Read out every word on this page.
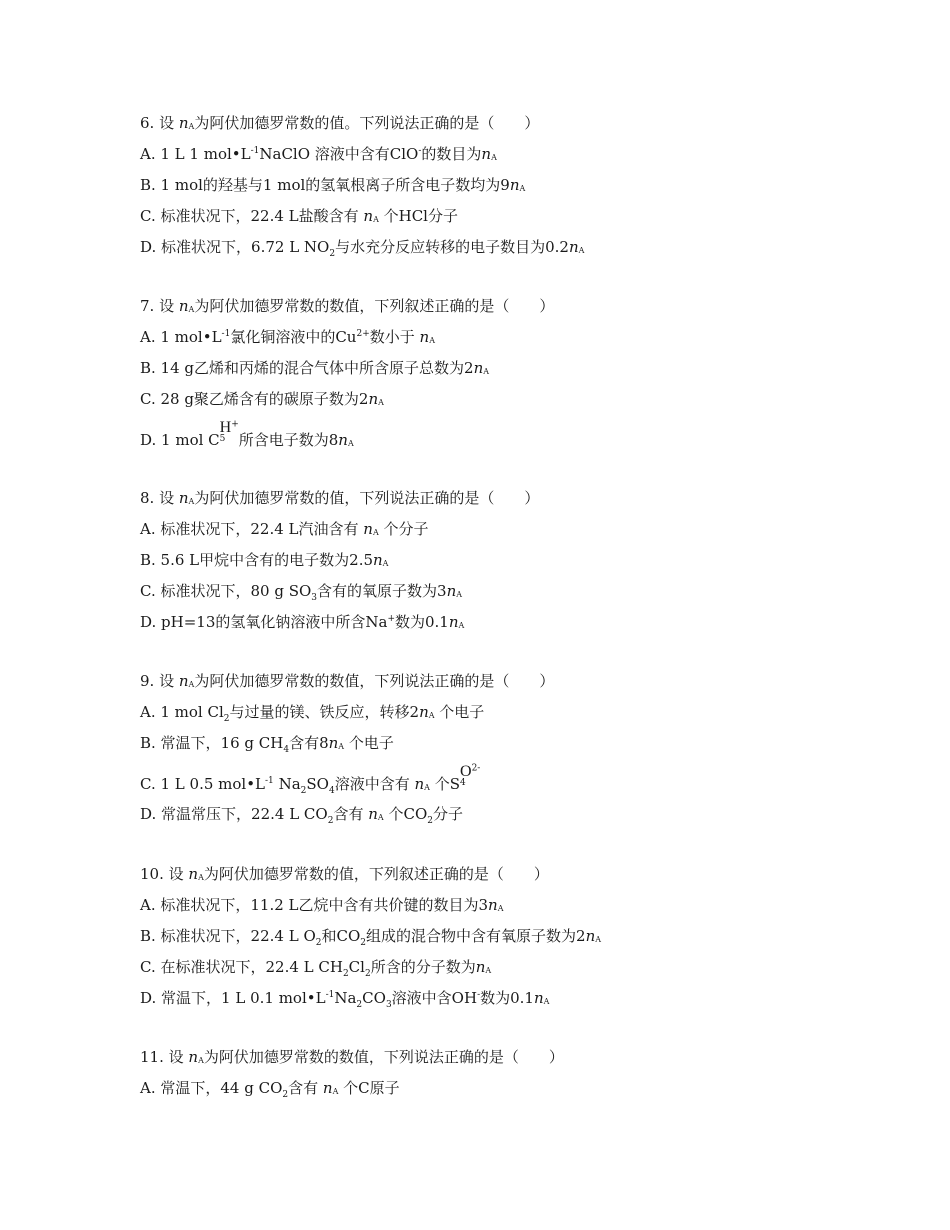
6. 设 $n_A$为阿伏加德罗常数的值。下列说法正确的是（　　）
A. 1 L 1 $mol•L^{-1}NaClO$ 溶液中含有ClO-的数目为$n_A$
B. 1 mol的羟基与1 mol的氢氧根离子所含电子数均为$9n_A$
C. 标准状况下，22.4 L盐酸含有 $n_A$ 个HCl分子
D. 标准状况下，6.72 L $NO_2$与水充分反应转移的电子数目为$0.2n_A$
7. 设 $n_A$为阿伏加德罗常数的数值，下列叙述正确的是（　　）
A. 1 $mol•L^{-1}$氯化铜溶液中的$Cu^{2+}$数小于 $n_A$
B. 14 g乙烯和丙烯的混合气体中所含原子总数为$2n_A$
C. 28 g聚乙烯含有的碳原子数为$2n_A$
D. 1 mol C
H+
5 所含电子数为$8n_A$
8. 设 $n_A$为阿伏加德罗常数的值，下列说法正确的是（　　）
A. 标准状况下，22.4 L汽油含有 $n_A$ 个分子
B. 5.6 L甲烷中含有的电子数为$2.5n_A$
C. 标准状况下，80 g $SO_3$含有的氧原子数为$3n_A$
D. pH=13的氢氧化钠溶液中所含Na+数为$0.1n_A$
9. 设 $n_A$为阿伏加德罗常数的数值，下列说法正确的是（　　）
A. 1 mol $Cl_2$与过量的镁、铁反应，转移$2n_A$ 个电子
B. 常温下，16 g $CH_4$含有$8n_A$ 个电子
C. 1 L 0.5 $mol•L^{-1}$ $Na_2SO_4$溶液中含有 $n_A$ 个S
$O^{2-}$
4
D. 常温常压下，22.4 L $CO_2$含有 $n_A$ 个$CO_2$分子
10. 设 $n_A$为阿伏加德罗常数的值，下列叙述正确的是（　　）
A. 标准状况下，11.2 L乙烷中含有共价键的数目为$3n_A$
B. 标准状况下，22.4 L $O_2$和$CO_2$组成的混合物中含有氧原子数为$2n_A$
C. 在标准状况下，22.4 L $CH_2Cl_2$所含的分子数为$n_A$
D. 常温下，1 L 0.1 $mol•L^{-1}Na_2CO_3$溶液中含OH-数为$0.1n_A$
11. 设 $n_A$为阿伏加德罗常数的数值，下列说法正确的是（　　）
A. 常温下，44 g $CO_2$含有 $n_A$ 个C原子
